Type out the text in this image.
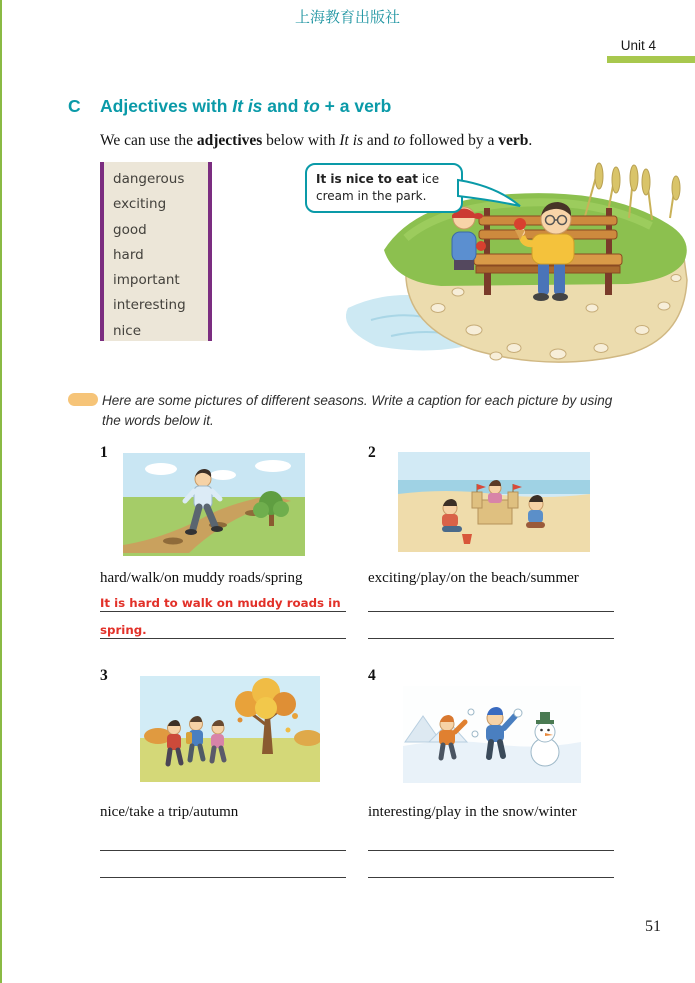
上海教育出版社
Unit 4
C Adjectives with It is and to + a verb
We can use the adjectives below with It is and to followed by a verb.
dangerous
exciting
good
hard
important
interesting
nice
It is nice to eat ice cream in the park.
Here are some pictures of different seasons. Write a caption for each picture by using the words below it.
1
hard/walk/on muddy roads/spring
It is hard to walk on muddy roads in
spring.
2
exciting/play/on the beach/summer
3
nice/take a trip/autumn
4
interesting/play in the snow/winter
51
